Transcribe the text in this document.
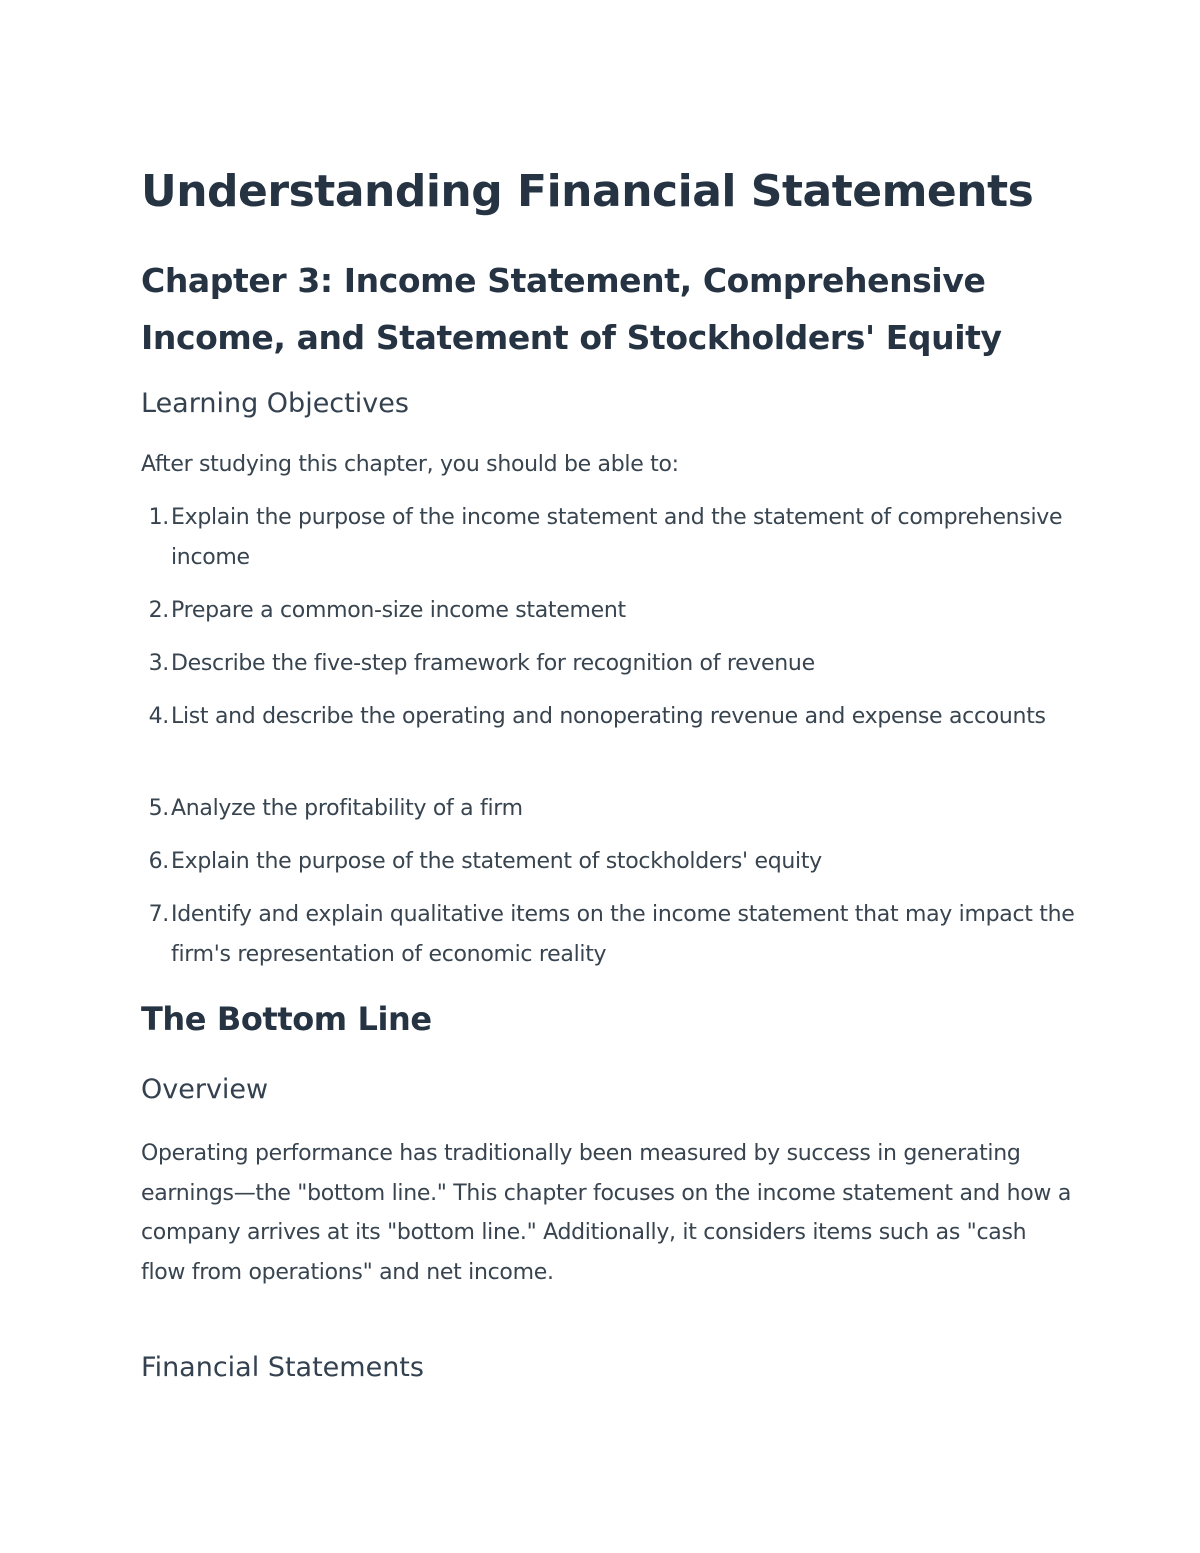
Understanding Financial Statements
Chapter 3: Income Statement, Comprehensive Income, and Statement of Stockholders' Equity
Learning Objectives

After studying this chapter, you should be able to:

1. Explain the purpose of the income statement and the statement of comprehensive income
2. Prepare a common-size income statement
3. Describe the five-step framework for recognition of revenue
4. List and describe the operating and nonoperating revenue and expense accounts
5. Analyze the profitability of a firm
6. Explain the purpose of the statement of stockholders' equity
7. Identify and explain qualitative items on the income statement that may impact the firm's representation of economic reality
The Bottom Line
Overview

Operating performance has traditionally been measured by success in generating earnings—the "bottom line." This chapter focuses on the income statement and how a company arrives at its "bottom line." Additionally, it considers items such as "cash flow from operations" and net income.

Financial Statements
